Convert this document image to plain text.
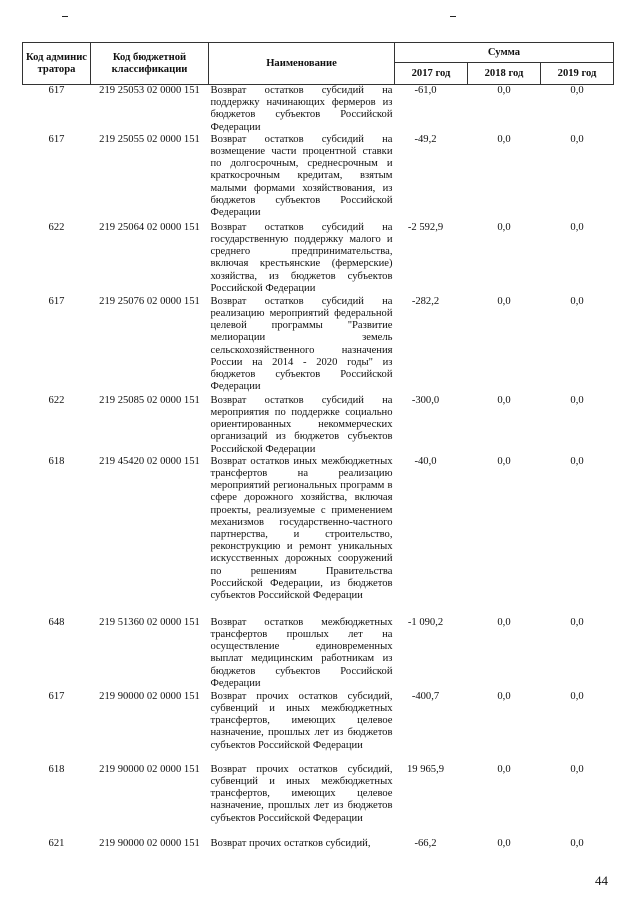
Код админис тратора	Код бюджетной классификации	Наименование	Сумма		
			2017 год	2018 год	2019 год
617	219 25053 02 0000 151	Возврат остатков субсидий на поддержку начинающих фермеров из бюджетов субъектов Российской Федерации	-61,0	0,0	0,0
617	219 25055 02 0000 151	Возврат остатков субсидий на возмещение части процентной ставки по долгосрочным, среднесрочным и краткосрочным кредитам, взятым малыми формами хозяйствования, из бюджетов субъектов Российской Федерации	-49,2	0,0	0,0
622	219 25064 02 0000 151	Возврат остатков субсидий на государственную поддержку малого и среднего предпринимательства, включая крестьянские (фермерские) хозяйства, из бюджетов субъектов Российской Федерации	-2 592,9	0,0	0,0
617	219 25076 02 0000 151	Возврат остатков субсидий на реализацию мероприятий федеральной целевой программы "Развитие мелиорации земель сельскохозяйственного назначения России на 2014 - 2020 годы" из бюджетов субъектов Российской Федерации	-282,2	0,0	0,0
622	219 25085 02 0000 151	Возврат остатков субсидий на мероприятия по поддержке социально ориентированных некоммерческих организаций из бюджетов субъектов Российской Федерации	-300,0	0,0	0,0
618	219 45420 02 0000 151	Возврат остатков иных межбюджетных трансфертов на реализацию мероприятий региональных программ в сфере дорожного хозяйства, включая проекты, реализуемые с применением механизмов государственно-частного партнерства, и строительство, реконструкцию и ремонт уникальных искусственных дорожных сооружений по решениям Правительства Российской Федерации, из бюджетов субъектов Российской Федерации	-40,0	0,0	0,0
648	219 51360 02 0000 151	Возврат остатков межбюджетных трансфертов прошлых лет на осуществление единовременных выплат медицинским работникам из бюджетов субъектов Российской Федерации	-1 090,2	0,0	0,0
617	219 90000 02 0000 151	Возврат прочих остатков субсидий, субвенций и иных межбюджетных трансфертов, имеющих целевое назначение, прошлых лет из бюджетов субъектов Российской Федерации	-400,7	0,0	0,0
618	219 90000 02 0000 151	Возврат прочих остатков субсидий, субвенций и иных межбюджетных трансфертов, имеющих целевое назначение, прошлых лет из бюджетов субъектов Российской Федерации	19 965,9	0,0	0,0
621	219 90000 02 0000 151	Возврат прочих остатков субсидий,	-66,2	0,0	0,0
44
